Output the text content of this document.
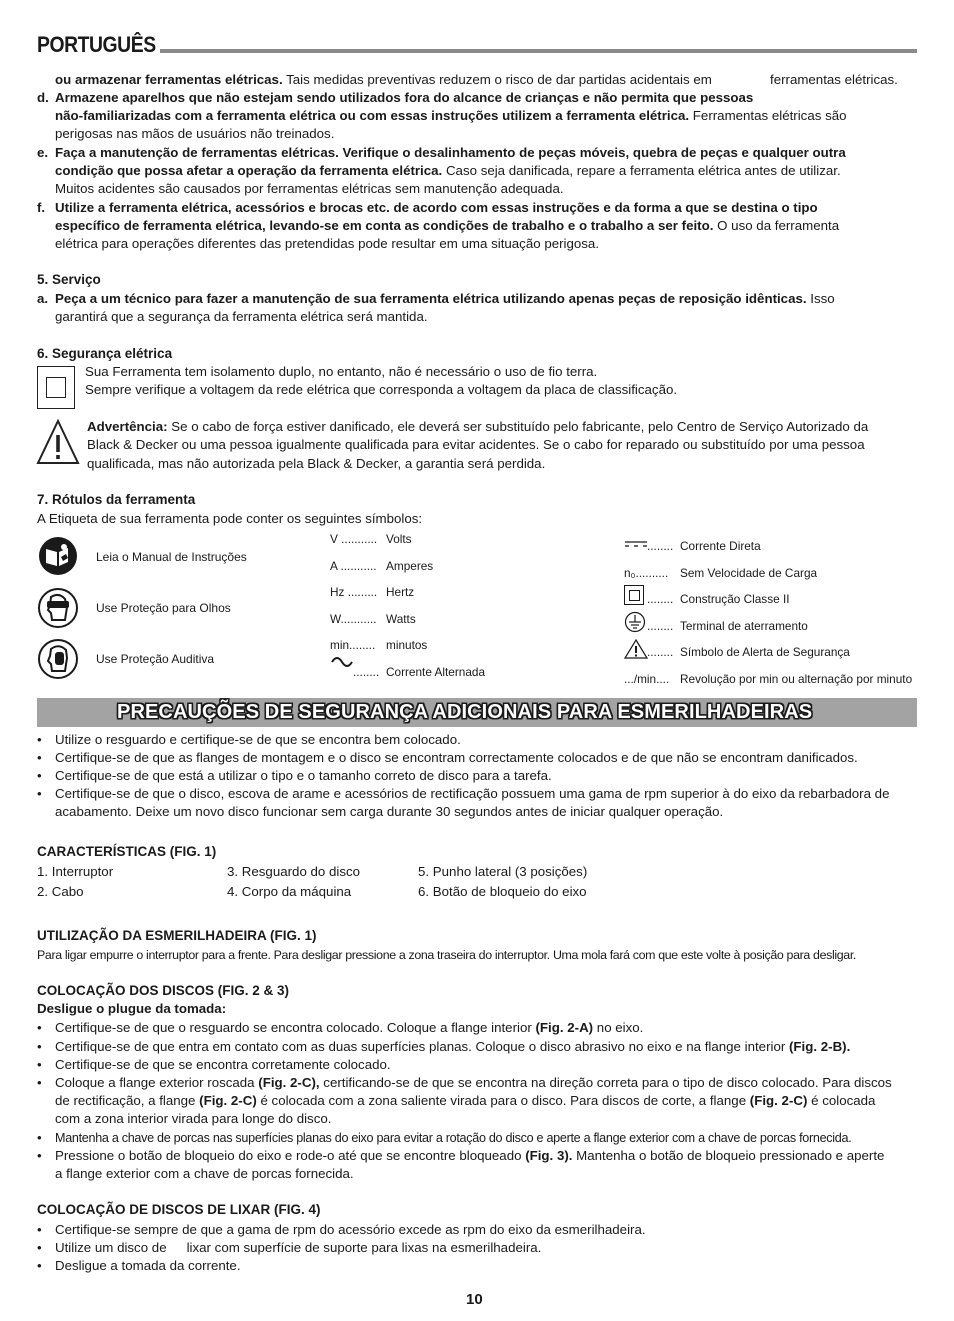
PORTUGUÊS
ou armazenar ferramentas elétricas. Tais medidas preventivas reduzem o risco de dar partidas acidentais em	ferramentas elétricas.
d. Armazene aparelhos que não estejam sendo utilizados fora do alcance de crianças e não permita que pessoas
não-familiarizadas com a ferramenta elétrica ou com essas instruções utilizem a ferramenta elétrica. Ferramentas elétricas são
perigosas nas mãos de usuários não treinados.
e. Faça a manutenção de ferramentas elétricas. Verifique o desalinhamento de peças móveis, quebra de peças e qualquer outra
condição que possa afetar a operação da ferramenta elétrica. Caso seja danificada, repare a ferramenta elétrica antes de utilizar.
Muitos acidentes são causados por ferramentas elétricas sem manutenção adequada.
f. Utilize a ferramenta elétrica, acessórios e brocas etc. de acordo com essas instruções e da forma a que se destina o tipo
específico de ferramenta elétrica, levando-se em conta as condições de trabalho e o trabalho a ser feito. O uso da ferramenta
elétrica para operações diferentes das pretendidas pode resultar em uma situação perigosa.
5. Serviço
a. Peça a um técnico para fazer a manutenção de sua ferramenta elétrica utilizando apenas peças de reposição idênticas. Isso
garantirá que a segurança da ferramenta elétrica será mantida.
6. Segurança elétrica
Sua Ferramenta tem isolamento duplo, no entanto, não é necessário o uso de fio terra.
Sempre verifique a voltagem da rede elétrica que corresponda a voltagem da placa de classificação.
Advertência: Se o cabo de força estiver danificado, ele deverá ser substituído pelo fabricante, pelo Centro de Serviço Autorizado da
Black & Decker ou uma pessoa igualmente qualificada para evitar acidentes. Se o cabo for reparado ou substituído por uma pessoa
qualificada, mas não autorizada pela Black & Decker, a garantia será perdida.
7. Rótulos da ferramenta
A Etiqueta de sua ferramenta pode conter os seguintes símbolos:
Leia o Manual de Instruções
Use Proteção para Olhos
Use Proteção Auditiva
V ........... Volts
A ........... Amperes
Hz ......... Hertz
W........... Watts
min........ minutos
........ Corrente Alternada
........ Corrente Direta
n₀.......... Sem Velocidade de Carga
........ Construção Classe II
........ Terminal de aterramento
........ Símbolo de Alerta de Segurança
.../min.... Revolução por min ou alternação por minuto
PRECAUÇÕES DE SEGURANÇA ADICIONAIS PARA ESMERILHADEIRAS
• Utilize o resguardo e certifique-se de que se encontra bem colocado.
• Certifique-se de que as flanges de montagem e o disco se encontram correctamente colocados e de que não se encontram danificados.
• Certifique-se de que está a utilizar o tipo e o tamanho correto de disco para a tarefa.
• Certifique-se de que o disco, escova de arame e acessórios de rectificação possuem uma gama de rpm superior à do eixo da rebarbadora de
acabamento. Deixe um novo disco funcionar sem carga durante 30 segundos antes de iniciar qualquer operação.
CARACTERÍSTICAS (FIG. 1)
1. Interruptor
2. Cabo
3. Resguardo do disco
4. Corpo da máquina
5. Punho lateral (3 posições)
6. Botão de bloqueio do eixo
UTILIZAÇÃO DA ESMERILHADEIRA (FIG. 1)
Para ligar empurre o interruptor para a frente. Para desligar pressione a zona traseira do interruptor. Uma mola fará com que este volte à posição para desligar.
COLOCAÇÃO DOS DISCOS (FIG. 2 & 3)
Desligue o plugue da tomada:
• Certifique-se de que o resguardo se encontra colocado. Coloque a flange interior (Fig. 2-A) no eixo.
• Certifique-se de que entra em contato com as duas superfícies planas. Coloque o disco abrasivo no eixo e na flange interior (Fig. 2-B).
• Certifique-se de que se encontra corretamente colocado.
• Coloque a flange exterior roscada (Fig. 2-C), certificando-se de que se encontra na direção correta para o tipo de disco colocado. Para discos
de rectificação, a flange (Fig. 2-C) é colocada com a zona saliente virada para o disco. Para discos de corte, a flange (Fig. 2-C) é colocada
com a zona interior virada para longe do disco.
• Mantenha a chave de porcas nas superfícies planas do eixo para evitar a rotação do disco e aperte a flange exterior com a chave de porcas fornecida.
• Pressione o botão de bloqueio do eixo e rode-o até que se encontre bloqueado (Fig. 3). Mantenha o botão de bloqueio pressionado e aperte
a flange exterior com a chave de porcas fornecida.
COLOCAÇÃO DE DISCOS DE LIXAR (FIG. 4)
• Certifique-se sempre de que a gama de rpm do acessório excede as rpm do eixo da esmerilhadeira.
• Utilize um disco de lixar com superfície de suporte para lixas na esmerilhadeira.
• Desligue a tomada da corrente.
10
